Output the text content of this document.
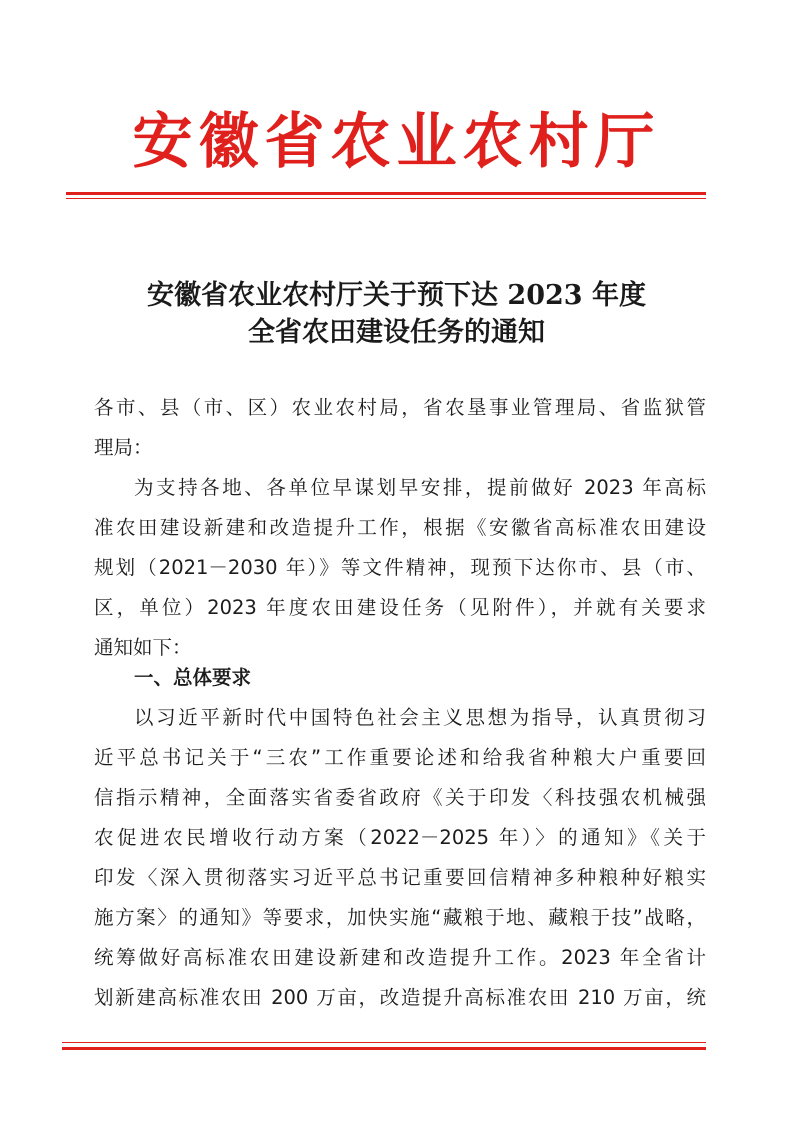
安徽省农业农村厅
安徽省农业农村厅关于预下达 2023 年度
全省农田建设任务的通知
各市、县（市、区）农业农村局，省农垦事业管理局、省监狱管
理局：
为支持各地、各单位早谋划早安排，提前做好 2023 年高标
准农田建设新建和改造提升工作，根据《安徽省高标准农田建设
规划（2021－2030 年）》等文件精神，现预下达你市、县（市、
区，单位）2023 年度农田建设任务（见附件），并就有关要求
通知如下：
一、总体要求
以习近平新时代中国特色社会主义思想为指导，认真贯彻习
近平总书记关于“三农”工作重要论述和给我省种粮大户重要回
信指示精神，全面落实省委省政府《关于印发〈科技强农机械强
农促进农民增收行动方案（2022－2025 年）〉的通知》《关于
印发〈深入贯彻落实习近平总书记重要回信精神多种粮种好粮实
施方案〉的通知》等要求，加快实施“藏粮于地、藏粮于技”战略，
统筹做好高标准农田建设新建和改造提升工作。2023 年全省计
划新建高标准农田 200 万亩，改造提升高标准农田 210 万亩，统
